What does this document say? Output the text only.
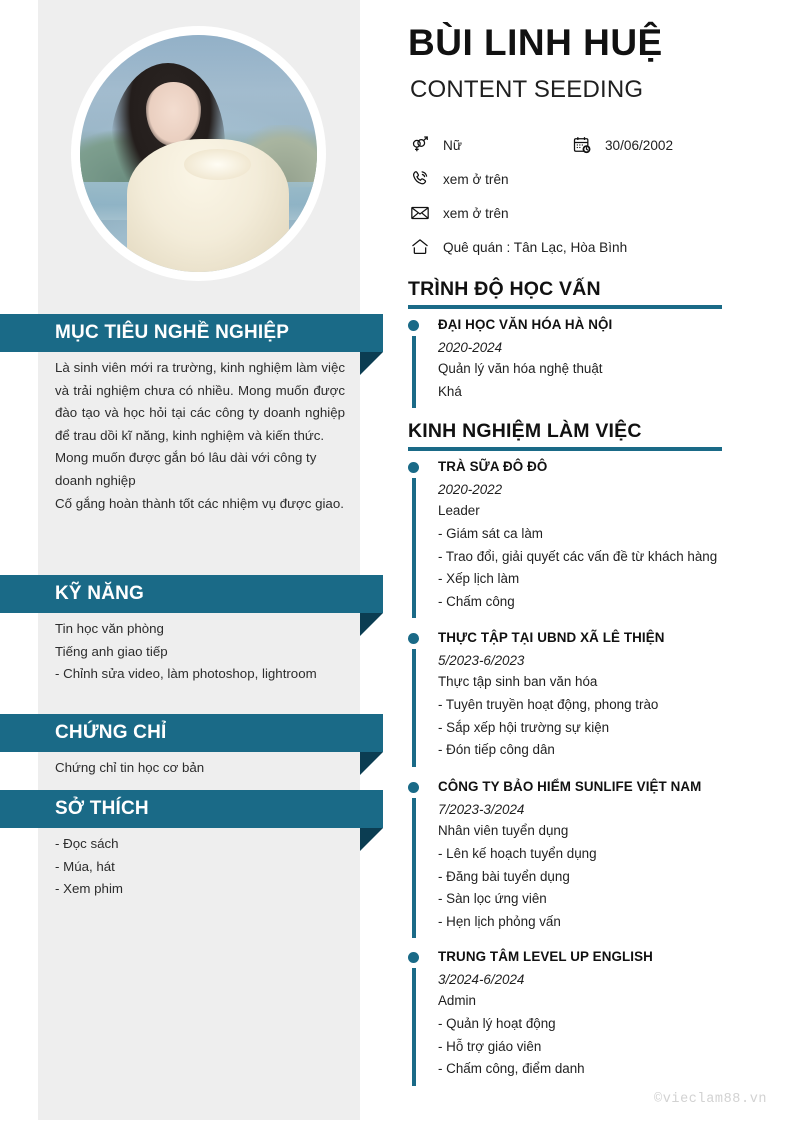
MỤC TIÊU NGHỀ NGHIỆP

Là sinh viên mới ra trường, kinh nghiệm làm việc và trải nghiệm chưa có nhiều. Mong muốn được đào tạo và học hỏi tại các công ty doanh nghiệp để trau dồi kĩ năng, kinh nghiệm và kiến thức.

Mong muốn được gắn bó lâu dài với công ty doanh nghiệp

Cố gắng hoàn thành tốt các nhiệm vụ được giao.

KỸ NĂNG
Tin học văn phòng
Tiếng anh giao tiếp

- Chỉnh sửa video, làm photoshop, lightroom

CHỨNG CHỈ
Chứng chỉ tin học cơ bản
SỞ THÍCH
- Đọc sách
- Múa, hát
- Xem phim
BÙI LINH HUỆ
CONTENT SEEDING
Nữ	30/06/2002
xem ở trên
xem ở trên
Quê quán : Tân Lạc, Hòa Bình
TRÌNH ĐỘ HỌC VẤN
ĐẠI HỌC VĂN HÓA HÀ NỘI
2020-2024
Quản lý văn hóa nghệ thuật
Khá
KINH NGHIỆM LÀM VIỆC
TRÀ SỮA ĐÔ ĐÔ
2020-2022
Leader
- Giám sát ca làm
- Trao đổi, giải quyết các vấn đề từ khách hàng
- Xếp lịch làm
- Chấm công
THỰC TẬP TẠI UBND XÃ LÊ THIỆN
5/2023-6/2023
Thực tập sinh ban văn hóa
- Tuyên truyền hoạt động, phong trào
- Sắp xếp hội trường sự kiện
- Đón tiếp công dân
CÔNG TY BẢO HIỂM SUNLIFE VIỆT NAM
7/2023-3/2024
Nhân viên tuyển dụng
- Lên kế hoạch tuyển dụng
- Đăng bài tuyển dụng
- Sàn lọc ứng viên
- Hẹn lịch phỏng vấn
TRUNG TÂM LEVEL UP ENGLISH
3/2024-6/2024
Admin
- Quản lý hoạt động
- Hỗ trợ giáo viên
- Chấm công, điểm danh
©vieclam88.vn
